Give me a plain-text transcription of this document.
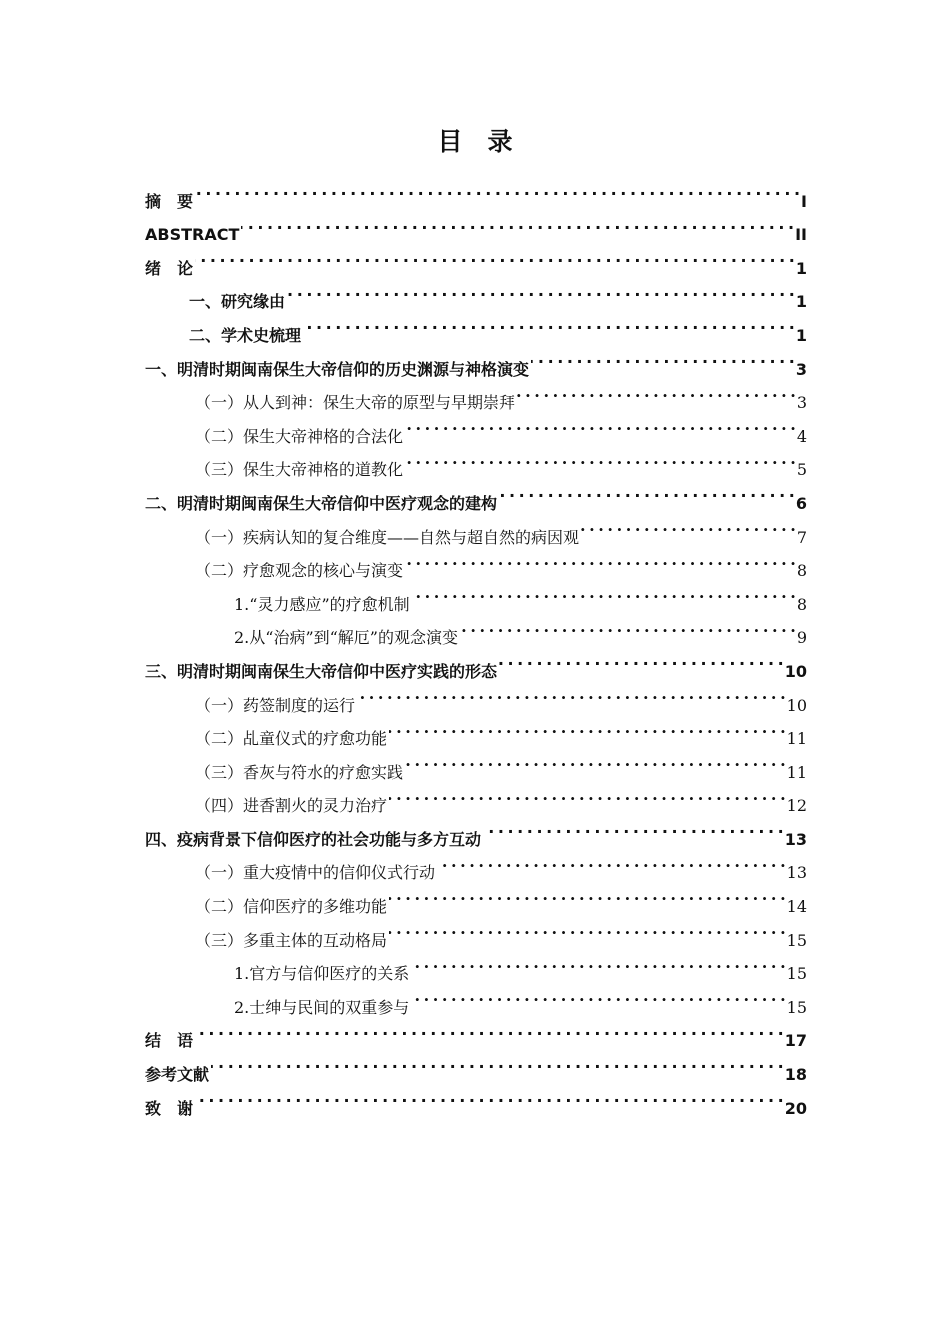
目　录
摘　要 . . .	I
ABSTRACT . . .	II
绪　论 . . .	1
一、研究缘由 . . .	1
二、学术史梳理 . . .	1
一、明清时期闽南保生大帝信仰的历史渊源与神格演变 . . .	3
（一）从人到神：保生大帝的原型与早期崇拜 . . .	3
（二）保生大帝神格的合法化 . . .	4
（三）保生大帝神格的道教化 . . .	5
二、明清时期闽南保生大帝信仰中医疗观念的建构 . . .	6
（一）疾病认知的复合维度——自然与超自然的病因观 . . .	7
（二）疗愈观念的核心与演变 . . .	8
1.“灵力感应”的疗愈机制 . . .	8
2.从“治病”到“解厄”的观念演变 . . .	9
三、明清时期闽南保生大帝信仰中医疗实践的形态 . . .	10
（一）药签制度的运行 . . .	10
（二）乩童仪式的疗愈功能 . . .	11
（三）香灰与符水的疗愈实践 . . .	11
（四）进香割火的灵力治疗 . . .	12
四、疫病背景下信仰医疗的社会功能与多方互动 . . .	13
（一）重大疫情中的信仰仪式行动 . . .	13
（二）信仰医疗的多维功能 . . .	14
（三）多重主体的互动格局 . . .	15
1.官方与信仰医疗的关系 . . .	15
2.士绅与民间的双重参与 . . .	15
结　语 . . .	17
参考文献 . . .	18
致　谢 . . .	20
